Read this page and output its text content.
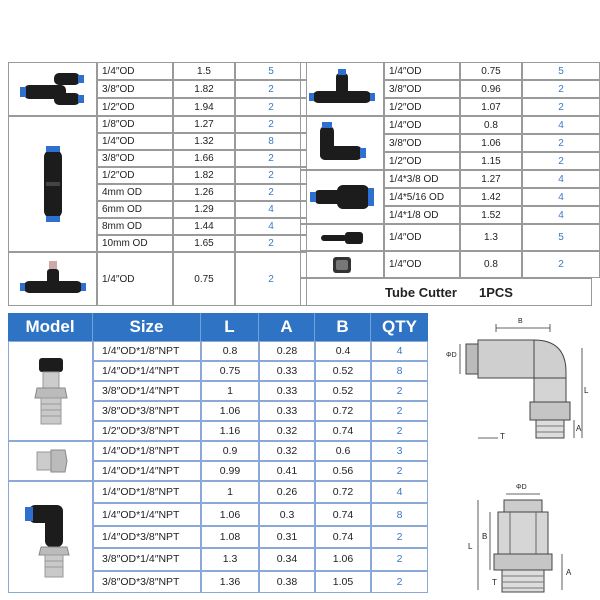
1/4″OD	1.5	5
3/8″OD	1.82	2
1/2″OD	1.94	2
1/8″OD	1.27	2
1/4″OD	1.32	8
3/8″OD	1.66	2
1/2″OD	1.82	2
4mm OD	1.26	2
6mm OD	1.29	4
8mm OD	1.44	4
10mm OD	1.65	2
1/4″OD	0.75	2
1/4″OD	0.75	5
3/8″OD	0.96	2
1/2″OD	1.07	2
1/4″OD	0.8	4
3/8″OD	1.06	2
1/2″OD	1.15	2
1/4*3/8 OD	1.27	4
1/4*5/16 OD	1.42	4
1/4*1/8 OD	1.52	4
1/4″OD	1.3	5
1/4″OD	0.8	2
Tube Cutter 1PCS
Model	Size	L	A	B	QTY
1/4″OD*1/8″NPT	0.8	0.28	0.4	4
1/4″OD*1/4″NPT	0.75	0.33	0.52	8
3/8″OD*1/4″NPT	1	0.33	0.52	2
3/8″OD*3/8″NPT	1.06	0.33	0.72	2
1/2″OD*3/8″NPT	1.16	0.32	0.74	2
1/4″OD*1/8″NPT	0.9	0.32	0.6	3
1/4″OD*1/4″NPT	0.99	0.41	0.56	2
1/4″OD*1/8″NPT	1	0.26	0.72	4
1/4″OD*1/4″NPT	1.06	0.3	0.74	8
1/4″OD*3/8″NPT	1.08	0.31	0.74	2
3/8″OD*1/4″NPT	1.3	0.34	1.06	2
3/8″OD*3/8″NPT	1.36	0.38	1.05	2
B
ΦD
L
A
T
ΦD
L
B
A
T
